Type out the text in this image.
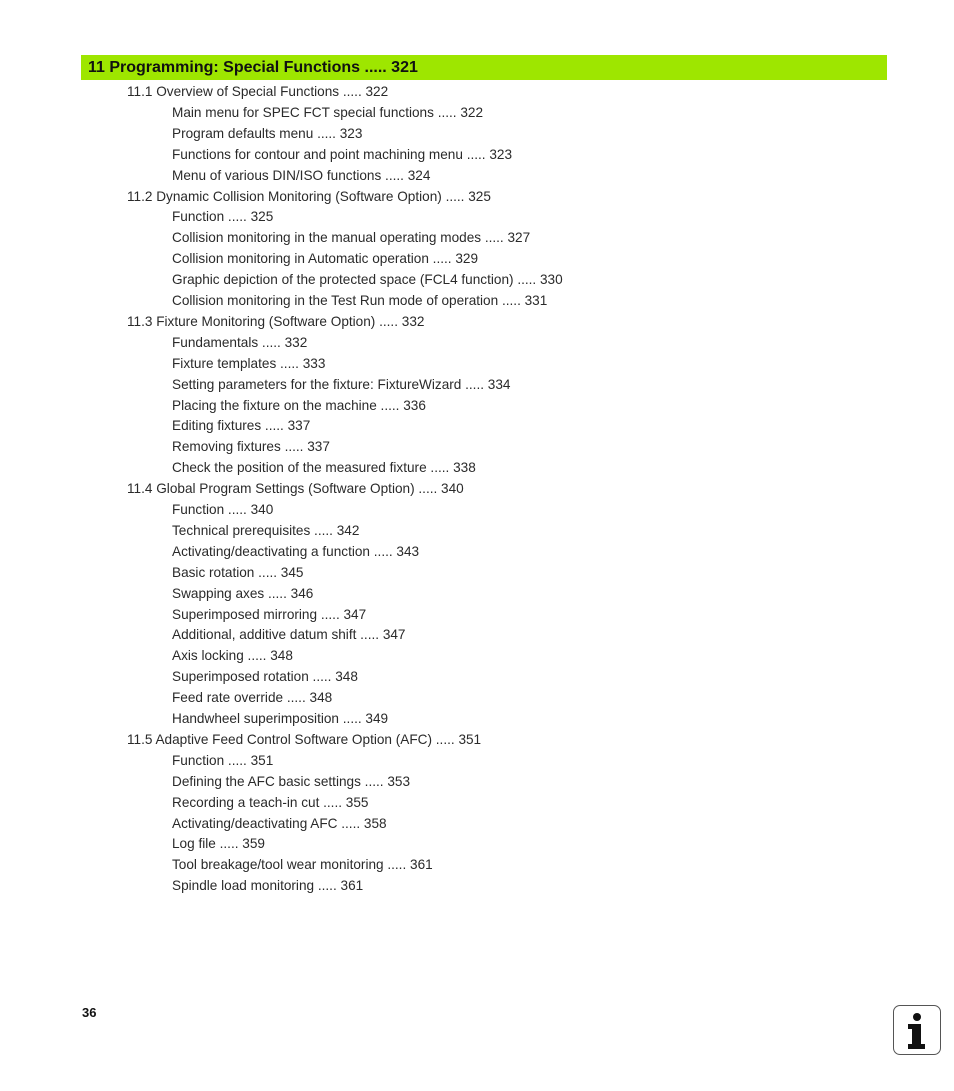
11 Programming: Special Functions ..... 321
11.1 Overview of Special Functions ..... 322
Main menu for SPEC FCT special functions ..... 322
Program defaults menu ..... 323
Functions for contour and point machining menu ..... 323
Menu of various DIN/ISO functions ..... 324
11.2 Dynamic Collision Monitoring (Software Option) ..... 325
Function ..... 325
Collision monitoring in the manual operating modes ..... 327
Collision monitoring in Automatic operation ..... 329
Graphic depiction of the protected space (FCL4 function) ..... 330
Collision monitoring in the Test Run mode of operation ..... 331
11.3 Fixture Monitoring (Software Option) ..... 332
Fundamentals ..... 332
Fixture templates ..... 333
Setting parameters for the fixture: FixtureWizard ..... 334
Placing the fixture on the machine ..... 336
Editing fixtures ..... 337
Removing fixtures ..... 337
Check the position of the measured fixture ..... 338
11.4 Global Program Settings (Software Option) ..... 340
Function ..... 340
Technical prerequisites ..... 342
Activating/deactivating a function ..... 343
Basic rotation ..... 345
Swapping axes ..... 346
Superimposed mirroring ..... 347
Additional, additive datum shift ..... 347
Axis locking ..... 348
Superimposed rotation ..... 348
Feed rate override ..... 348
Handwheel superimposition ..... 349
11.5 Adaptive Feed Control Software Option (AFC) ..... 351
Function ..... 351
Defining the AFC basic settings ..... 353
Recording a teach-in cut ..... 355
Activating/deactivating AFC ..... 358
Log file ..... 359
Tool breakage/tool wear monitoring ..... 361
Spindle load monitoring ..... 361
36
